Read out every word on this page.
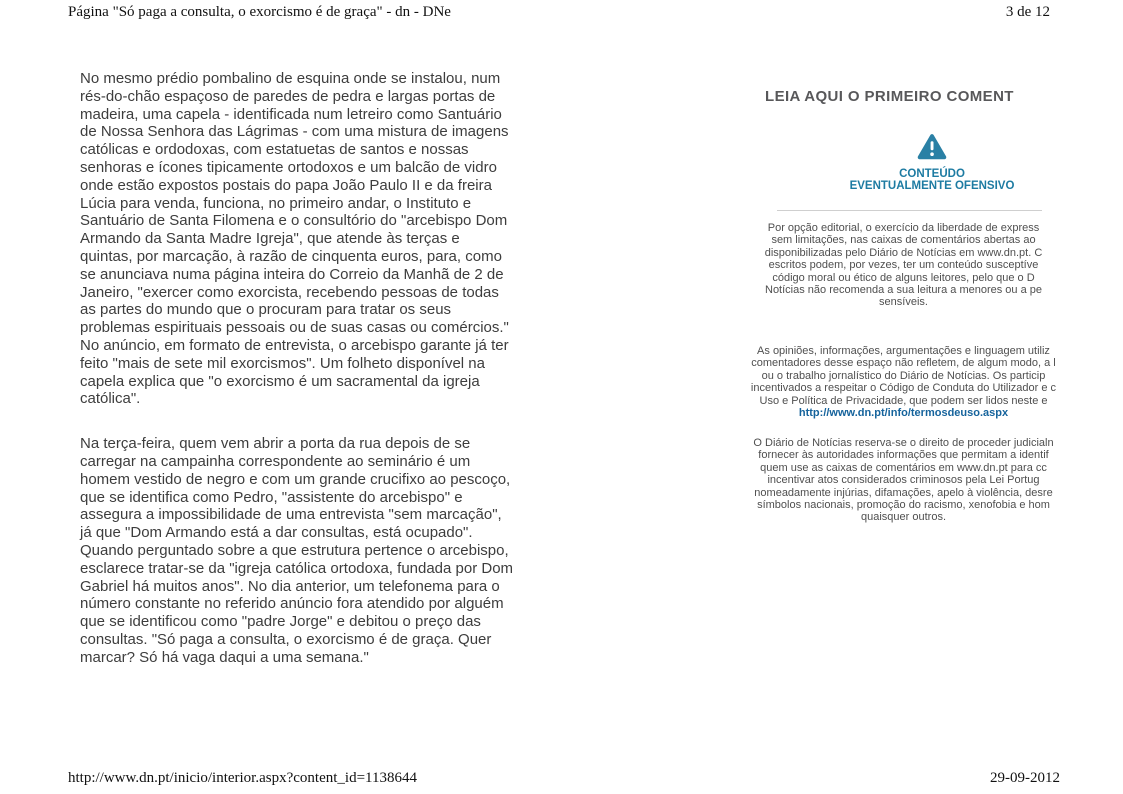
Página "Só paga a consulta, o exorcismo é de graça" - dn - DNe	3 de 12

No mesmo prédio pombalino de esquina onde se instalou, num rés-do-chão espaçoso de paredes de pedra e largas portas de madeira, uma capela - identificada num letreiro como Santuário de Nossa Senhora das Lágrimas - com uma mistura de imagens católicas e ordodoxas, com estatuetas de santos e nossas senhoras e ícones tipicamente ortodoxos e um balcão de vidro onde estão expostos postais do papa João Paulo II e da freira Lúcia para venda, funciona, no primeiro andar, o Instituto e Santuário de Santa Filomena e o consultório do "arcebispo Dom Armando da Santa Madre Igreja", que atende às terças e quintas, por marcação, à razão de cinquenta euros, para, como se anunciava numa página inteira do Correio da Manhã de 2 de Janeiro, "exercer como exorcista, recebendo pessoas de todas as partes do mundo que o procuram para tratar os seus problemas espirituais pessoais ou de suas casas ou comércios." No anúncio, em formato de entrevista, o arcebispo garante já ter feito "mais de sete mil exorcismos". Um folheto disponível na capela explica que "o exorcismo é um sacramental da igreja católica".

Na terça-feira, quem vem abrir a porta da rua depois de se carregar na campainha correspondente ao seminário é um homem vestido de negro e com um grande crucifixo ao pescoço, que se identifica como Pedro, "assistente do arcebispo" e assegura a impossibilidade de uma entrevista "sem marcação", já que "Dom Armando está a dar consultas, está ocupado". Quando perguntado sobre a que estrutura pertence o arcebispo, esclarece tratar-se da "igreja católica ortodoxa, fundada por Dom Gabriel há muitos anos". No dia anterior, um telefonema para o número constante no referido anúncio fora atendido por alguém que se identificou como "padre Jorge" e debitou o preço das consultas. "Só paga a consulta, o exorcismo é de graça. Quer marcar? Só há vaga daqui a uma semana."

LEIA AQUI O PRIMEIRO COMENT
CONTEÚDO
EVENTUALMENTE OFENSIVO
Por opção editorial, o exercício da liberdade de express
sem limitações, nas caixas de comentários abertas ao
disponibilizadas pelo Diário de Notícias em www.dn.pt. C
escritos podem, por vezes, ter um conteúdo susceptíve
código moral ou ético de alguns leitores, pelo que o D
Notícias não recomenda a sua leitura a menores ou a pe
sensíveis.
As opiniões, informações, argumentações e linguagem utiliz
comentadores desse espaço não refletem, de algum modo, a l
ou o trabalho jornalístico do Diário de Notícias. Os particip
incentivados a respeitar o Código de Conduta do Utilizador e c
Uso e Política de Privacidade, que podem ser lidos neste e
http://www.dn.pt/info/termosdeuso.aspx
O Diário de Notícias reserva-se o direito de proceder judicialn
fornecer às autoridades informações que permitam a identif
quem use as caixas de comentários em www.dn.pt para cc
incentivar atos considerados criminosos pela Lei Portug
nomeadamente injúrias, difamações, apelo à violência, desre
símbolos nacionais, promoção do racismo, xenofobia e hom
quaisquer outros.
http://www.dn.pt/inicio/interior.aspx?content_id=1138644	29-09-2012
